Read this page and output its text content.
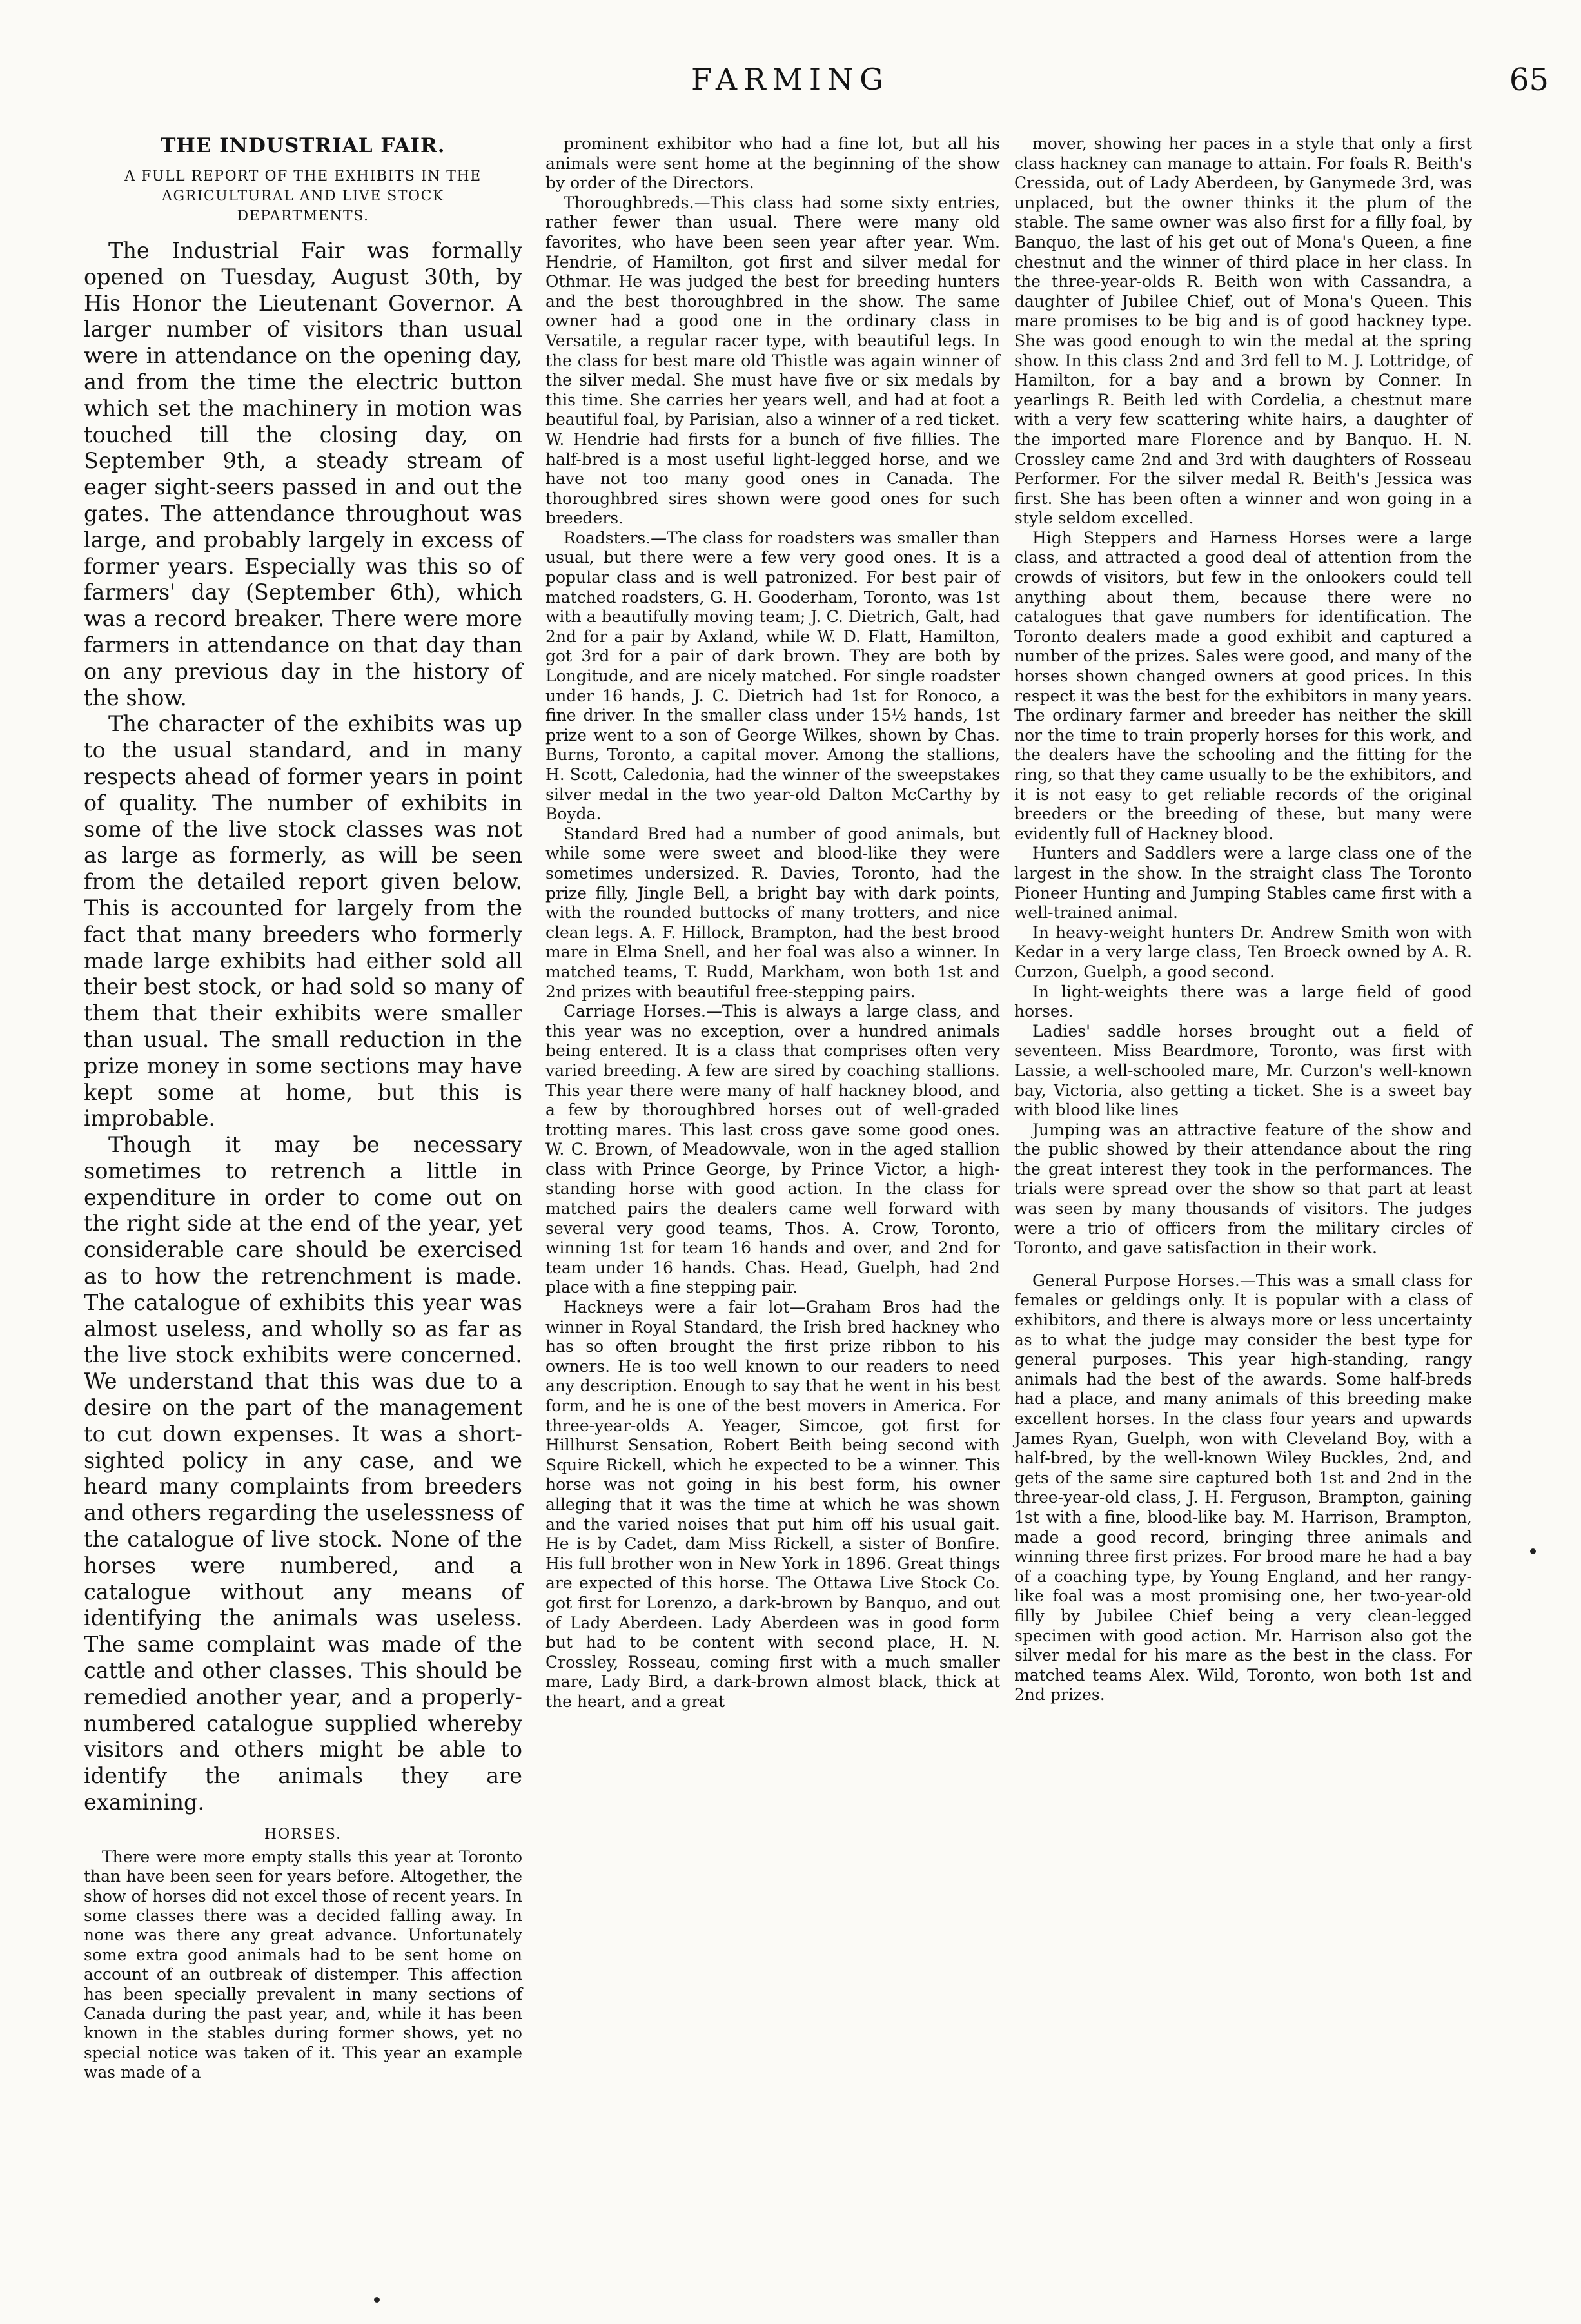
FARMING	65
THE INDUSTRIAL FAIR.
A FULL REPORT OF THE EXHIBITS IN THE AGRICULTURAL AND LIVE STOCK DEPARTMENTS.

The Industrial Fair was formally opened on Tuesday, August 30th, by His Honor the Lieutenant Governor. A larger number of visitors than usual were in attendance on the opening day, and from the time the electric button which set the machinery in motion was touched till the closing day, on September 9th, a steady stream of eager sight-seers passed in and out the gates. The attendance throughout was large, and probably largely in excess of former years. Especially was this so of farmers' day (September 6th), which was a record breaker. There were more farmers in attendance on that day than on any previous day in the history of the show.

The character of the exhibits was up to the usual standard, and in many respects ahead of former years in point of quality. The number of exhibits in some of the live stock classes was not as large as formerly, as will be seen from the detailed report given below. This is accounted for largely from the fact that many breeders who formerly made large exhibits had either sold all their best stock, or had sold so many of them that their exhibits were smaller than usual. The small reduction in the prize money in some sections may have kept some at home, but this is improbable.

Though it may be necessary sometimes to retrench a little in expenditure in order to come out on the right side at the end of the year, yet considerable care should be exercised as to how the retrenchment is made. The catalogue of exhibits this year was almost useless, and wholly so as far as the live stock exhibits were concerned. We understand that this was due to a desire on the part of the management to cut down expenses. It was a short-sighted policy in any case, and we heard many complaints from breeders and others regarding the uselessness of the catalogue of live stock. None of the horses were numbered, and a catalogue without any means of identifying the animals was useless. The same complaint was made of the cattle and other classes. This should be remedied another year, and a properly-numbered catalogue supplied whereby visitors and others might be able to identify the animals they are examining.

HORSES.

There were more empty stalls this year at Toronto than have been seen for years before. Altogether, the show of horses did not excel those of recent years. In some classes there was a decided falling away. In none was there any great advance. Unfortunately some extra good animals had to be sent home on account of an outbreak of distemper. This affection has been specially prevalent in many sections of Canada during the past year, and, while it has been known in the stables during former shows, yet no special notice was taken of it. This year an example was made of a

prominent exhibitor who had a fine lot, but all his animals were sent home at the beginning of the show by order of the Directors.

Thoroughbreds.—This class had some sixty entries, rather fewer than usual. There were many old favorites, who have been seen year after year. Wm. Hendrie, of Hamilton, got first and silver medal for Othmar. He was judged the best for breeding hunters and the best thoroughbred in the show. The same owner had a good one in the ordinary class in Versatile, a regular racer type, with beautiful legs. In the class for best mare old Thistle was again winner of the silver medal. She must have five or six medals by this time. She carries her years well, and had at foot a beautiful foal, by Parisian, also a winner of a red ticket. W. Hendrie had firsts for a bunch of five fillies. The half-bred is a most useful light-legged horse, and we have not too many good ones in Canada. The thoroughbred sires shown were good ones for such breeders.

Roadsters.—The class for roadsters was smaller than usual, but there were a few very good ones. It is a popular class and is well patronized. For best pair of matched roadsters, G. H. Gooderham, Toronto, was 1st with a beautifully moving team; J. C. Dietrich, Galt, had 2nd for a pair by Axland, while W. D. Flatt, Hamilton, got 3rd for a pair of dark brown. They are both by Longitude, and are nicely matched. For single roadster under 16 hands, J. C. Dietrich had 1st for Ronoco, a fine driver. In the smaller class under 15½ hands, 1st prize went to a son of George Wilkes, shown by Chas. Burns, Toronto, a capital mover. Among the stallions, H. Scott, Caledonia, had the winner of the sweepstakes silver medal in the two year-old Dalton McCarthy by Boyda.

Standard Bred had a number of good animals, but while some were sweet and blood-like they were sometimes undersized. R. Davies, Toronto, had the prize filly, Jingle Bell, a bright bay with dark points, with the rounded buttocks of many trotters, and nice clean legs. A. F. Hillock, Brampton, had the best brood mare in Elma Snell, and her foal was also a winner. In matched teams, T. Rudd, Markham, won both 1st and 2nd prizes with beautiful free-stepping pairs.

Carriage Horses.—This is always a large class, and this year was no exception, over a hundred animals being entered. It is a class that comprises often very varied breeding. A few are sired by coaching stallions. This year there were many of half hackney blood, and a few by thoroughbred horses out of well-graded trotting mares. This last cross gave some good ones. W. C. Brown, of Meadowvale, won in the aged stallion class with Prince George, by Prince Victor, a high-standing horse with good action. In the class for matched pairs the dealers came well forward with several very good teams, Thos. A. Crow, Toronto, winning 1st for team 16 hands and over, and 2nd for team under 16 hands. Chas. Head, Guelph, had 2nd place with a fine stepping pair.

Hackneys were a fair lot—Graham Bros had the winner in Royal Standard, the Irish bred hackney who has so often brought the first prize ribbon to his owners. He is too well known to our readers to need any description. Enough to say that he went in his best form, and he is one of the best movers in America. For three-year-olds A. Yeager, Simcoe, got first for Hillhurst Sensation, Robert Beith being second with Squire Rickell, which he expected to be a winner. This horse was not going in his best form, his owner alleging that it was the time at which he was shown and the varied noises that put him off his usual gait. He is by Cadet, dam Miss Rickell, a sister of Bonfire. His full brother won in New York in 1896. Great things are expected of this horse. The Ottawa Live Stock Co. got first for Lorenzo, a dark-brown by Banquo, and out of Lady Aberdeen. Lady Aberdeen was in good form but had to be content with second place, H. N. Crossley, Rosseau, coming first with a much smaller mare, Lady Bird, a dark-brown almost black, thick at the heart, and a great

mover, showing her paces in a style that only a first class hackney can manage to attain. For foals R. Beith's Cressida, out of Lady Aberdeen, by Ganymede 3rd, was unplaced, but the owner thinks it the plum of the stable. The same owner was also first for a filly foal, by Banquo, the last of his get out of Mona's Queen, a fine chestnut and the winner of third place in her class. In the three-year-olds R. Beith won with Cassandra, a daughter of Jubilee Chief, out of Mona's Queen. This mare promises to be big and is of good hackney type. She was good enough to win the medal at the spring show. In this class 2nd and 3rd fell to M. J. Lottridge, of Hamilton, for a bay and a brown by Conner. In yearlings R. Beith led with Cordelia, a chestnut mare with a very few scattering white hairs, a daughter of the imported mare Florence and by Banquo. H. N. Crossley came 2nd and 3rd with daughters of Rosseau Performer. For the silver medal R. Beith's Jessica was first. She has been often a winner and won going in a style seldom excelled.

High Steppers and Harness Horses were a large class, and attracted a good deal of attention from the crowds of visitors, but few in the onlookers could tell anything about them, because there were no catalogues that gave numbers for identification. The Toronto dealers made a good exhibit and captured a number of the prizes. Sales were good, and many of the horses shown changed owners at good prices. In this respect it was the best for the exhibitors in many years. The ordinary farmer and breeder has neither the skill nor the time to train properly horses for this work, and the dealers have the schooling and the fitting for the ring, so that they came usually to be the exhibitors, and it is not easy to get reliable records of the original breeders or the breeding of these, but many were evidently full of Hackney blood.

Hunters and Saddlers were a large class one of the largest in the show. In the straight class The Toronto Pioneer Hunting and Jumping Stables came first with a well-trained animal.

In heavy-weight hunters Dr. Andrew Smith won with Kedar in a very large class, Ten Broeck owned by A. R. Curzon, Guelph, a good second.

In light-weights there was a large field of good horses.

Ladies' saddle horses brought out a field of seventeen. Miss Beardmore, Toronto, was first with Lassie, a well-schooled mare, Mr. Curzon's well-known bay, Victoria, also getting a ticket. She is a sweet bay with blood like lines

Jumping was an attractive feature of the show and the public showed by their attendance about the ring the great interest they took in the performances. The trials were spread over the show so that part at least was seen by many thousands of visitors. The judges were a trio of officers from the military circles of Toronto, and gave satisfaction in their work.

General Purpose Horses.—This was a small class for females or geldings only. It is popular with a class of exhibitors, and there is always more or less uncertainty as to what the judge may consider the best type for general purposes. This year high-standing, rangy animals had the best of the awards. Some half-breds had a place, and many animals of this breeding make excellent horses. In the class four years and upwards James Ryan, Guelph, won with Cleveland Boy, with a half-bred, by the well-known Wiley Buckles, 2nd, and gets of the same sire captured both 1st and 2nd in the three-year-old class, J. H. Ferguson, Brampton, gaining 1st with a fine, blood-like bay. M. Harrison, Brampton, made a good record, bringing three animals and winning three first prizes. For brood mare he had a bay of a coaching type, by Young England, and her rangy-like foal was a most promising one, her two-year-old filly by Jubilee Chief being a very clean-legged specimen with good action. Mr. Harrison also got the silver medal for his mare as the best in the class. For matched teams Alex. Wild, Toronto, won both 1st and 2nd prizes.
